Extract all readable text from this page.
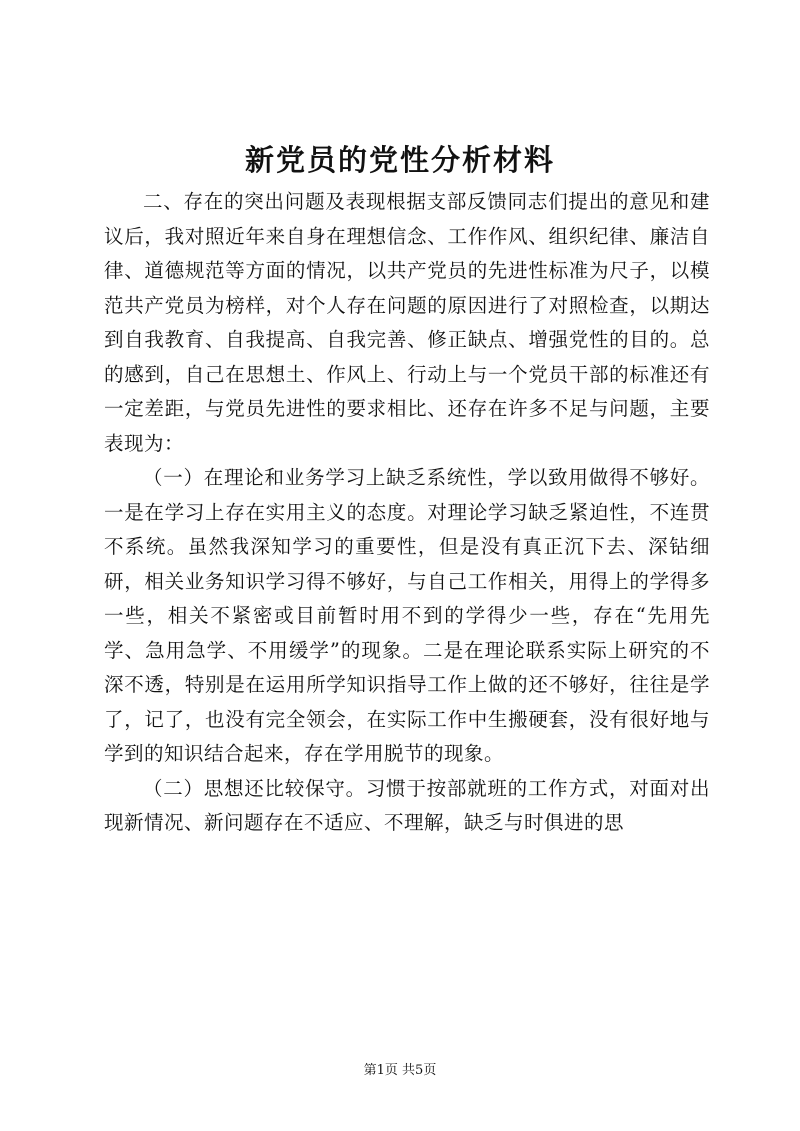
新党员的党性分析材料

二、存在的突出问题及表现根据支部反馈同志们提出的意见和建议后，我对照近年来自身在理想信念、工作作风、组织纪律、廉洁自律、道德规范等方面的情况，以共产党员的先进性标准为尺子，以模范共产党员为榜样，对个人存在问题的原因进行了对照检查，以期达到自我教育、自我提高、自我完善、修正缺点、增强党性的目的。总的感到，自己在思想土、作风上、行动上与一个党员干部的标准还有一定差距，与党员先进性的要求相比、还存在许多不足与问题，主要表现为：

（一）在理论和业务学习上缺乏系统性，学以致用做得不够好。一是在学习上存在实用主义的态度。对理论学习缺乏紧迫性，不连贯不系统。虽然我深知学习的重要性，但是没有真正沉下去、深钻细研，相关业务知识学习得不够好，与自己工作相关，用得上的学得多一些，相关不紧密或目前暂时用不到的学得少一些，存在“先用先学、急用急学、不用缓学”的现象。二是在理论联系实际上研究的不深不透，特别是在运用所学知识指导工作上做的还不够好，往往是学了，记了，也没有完全领会，在实际工作中生搬硬套，没有很好地与学到的知识结合起来，存在学用脱节的现象。

（二）思想还比较保守。习惯于按部就班的工作方式，对面对出现新情况、新问题存在不适应、不理解，缺乏与时俱进的思

第1页 共5页
